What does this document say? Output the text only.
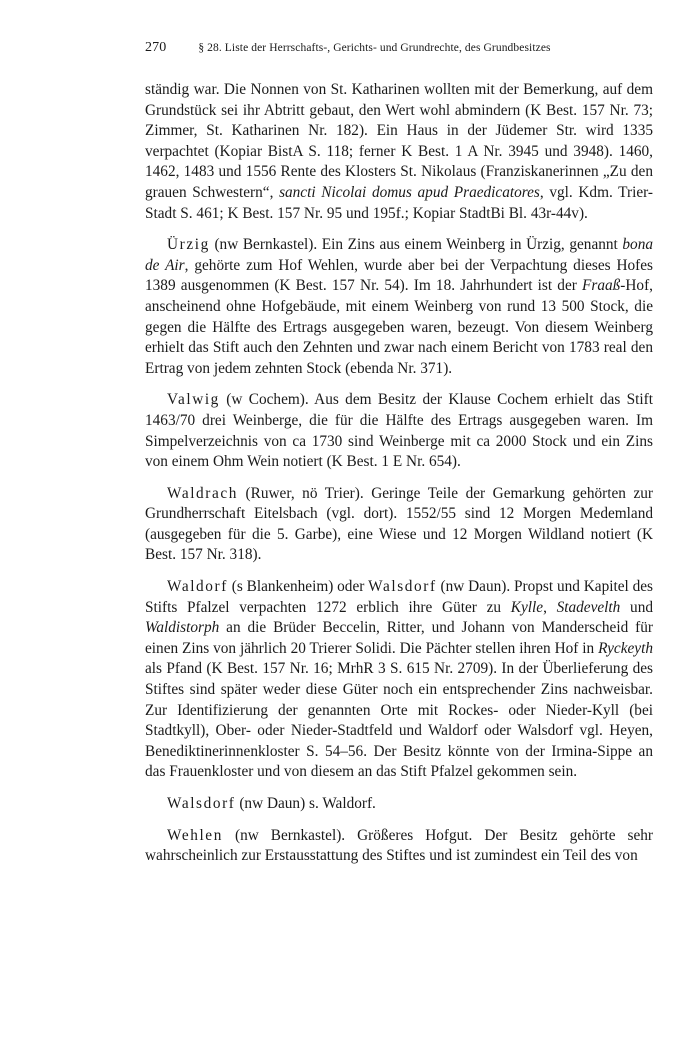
270	§ 28. Liste der Herrschafts-, Gerichts- und Grundrechte, des Grundbesitzes

ständig war. Die Nonnen von St. Katharinen wollten mit der Bemerkung, auf dem Grundstück sei ihr Abtritt gebaut, den Wert wohl abmindern (K Best. 157 Nr. 73; Zimmer, St. Katharinen Nr. 182). Ein Haus in der Jüdemer Str. wird 1335 verpachtet (Kopiar BistA S. 118; ferner K Best. 1 A Nr. 3945 und 3948). 1460, 1462, 1483 und 1556 Rente des Klosters St. Nikolaus (Franziskanerinnen „Zu den grauen Schwestern“, sancti Nicolai domus apud Praedicatores, vgl. Kdm. Trier-Stadt S. 461; K Best. 157 Nr. 95 und 195f.; Kopiar StadtBi Bl. 43r-44v).

Ürzig (nw Bernkastel). Ein Zins aus einem Weinberg in Ürzig, genannt bona de Air, gehörte zum Hof Wehlen, wurde aber bei der Verpachtung dieses Hofes 1389 ausgenommen (K Best. 157 Nr. 54). Im 18. Jahrhundert ist der Fraaß-Hof, anscheinend ohne Hofgebäude, mit einem Weinberg von rund 13 500 Stock, die gegen die Hälfte des Ertrags ausgegeben waren, bezeugt. Von diesem Weinberg erhielt das Stift auch den Zehnten und zwar nach einem Bericht von 1783 real den Ertrag von jedem zehnten Stock (ebenda Nr. 371).

Valwig (w Cochem). Aus dem Besitz der Klause Cochem erhielt das Stift 1463/70 drei Weinberge, die für die Hälfte des Ertrags ausgegeben waren. Im Simpelverzeichnis von ca 1730 sind Weinberge mit ca 2000 Stock und ein Zins von einem Ohm Wein notiert (K Best. 1 E Nr. 654).

Waldrach (Ruwer, nö Trier). Geringe Teile der Gemarkung gehörten zur Grundherrschaft Eitelsbach (vgl. dort). 1552/55 sind 12 Morgen Medemland (ausgegeben für die 5. Garbe), eine Wiese und 12 Morgen Wildland notiert (K Best. 157 Nr. 318).

Waldorf (s Blankenheim) oder Walsdorf (nw Daun). Propst und Kapitel des Stifts Pfalzel verpachten 1272 erblich ihre Güter zu Kylle, Stadevelth und Waldistorph an die Brüder Beccelin, Ritter, und Johann von Manderscheid für einen Zins von jährlich 20 Trierer Solidi. Die Pächter stellen ihren Hof in Ryckeyth als Pfand (K Best. 157 Nr. 16; MrhR 3 S. 615 Nr. 2709). In der Überlieferung des Stiftes sind später weder diese Güter noch ein entsprechender Zins nachweisbar. Zur Identifizierung der genannten Orte mit Rockes- oder Nieder-Kyll (bei Stadtkyll), Ober- oder Nieder-Stadtfeld und Waldorf oder Walsdorf vgl. Heyen, Benediktinerinnenkloster S. 54–56. Der Besitz könnte von der Irmina-Sippe an das Frauenkloster und von diesem an das Stift Pfalzel gekommen sein.

Walsdorf (nw Daun) s. Waldorf.

Wehlen (nw Bernkastel). Größeres Hofgut. Der Besitz gehörte sehr wahrscheinlich zur Erstausstattung des Stiftes und ist zumindest ein Teil des von
